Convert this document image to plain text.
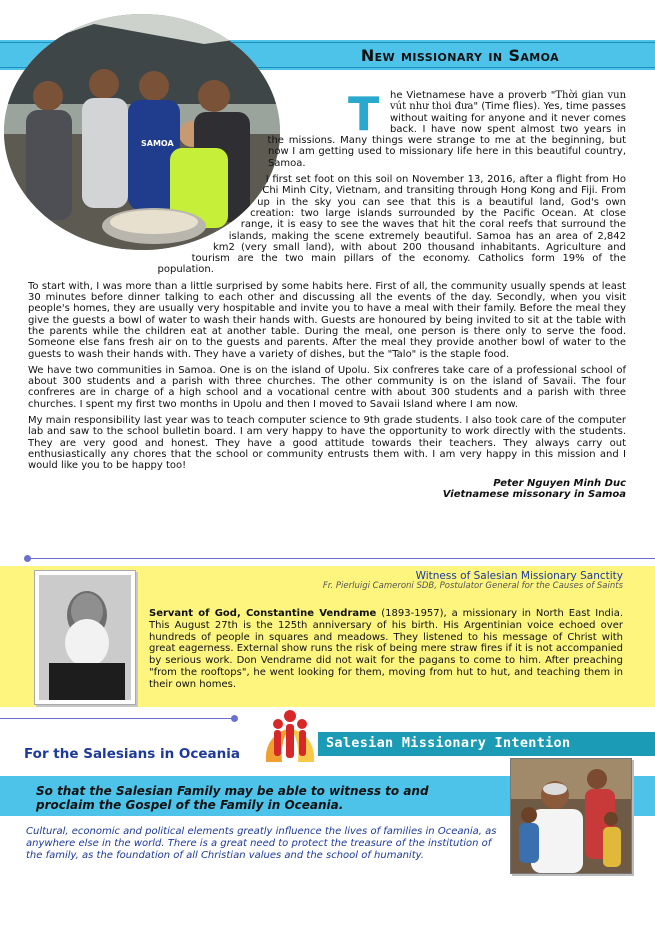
New missionary in Samoa
SAMOA

T he Vietnamese have a proverb "Thời gian vun vút như thoi đưa" (Time flies). Yes, time passes without waiting for anyone and it never comes back. I have now spent almost two years in the missions. Many things were strange to me at the beginning, but now I am getting used to missionary life here in this beautiful country, Samoa.

I first set foot on this soil on November 13, 2016, after a flight from Ho Chi Minh City, Vietnam, and transiting through Hong Kong and Fiji. From up in the sky you can see that this is a beautiful land, God's own creation: two large islands surrounded by the Pacific Ocean. At close range, it is easy to see the waves that hit the coral reefs that surround the islands, making the scene extremely beautiful. Samoa has an area of 2,842 km2 (very small land), with about 200 thousand inhabitants. Agriculture and tourism are the two main pillars of the economy. Catholics form 19% of the population.

To start with, I was more than a little surprised by some habits here. First of all, the community usually spends at least 30 minutes before dinner talking to each other and discussing all the events of the day. Secondly, when you visit people's homes, they are usually very hospitable and invite you to have a meal with their family. Before the meal they give the guests a bowl of water to wash their hands with. Guests are honoured by being invited to sit at the table with the parents while the children eat at another table. During the meal, one person is there only to serve the food. Someone else fans fresh air on to the guests and parents. After the meal they provide another bowl of water to the guests to wash their hands with. They have a variety of dishes, but the "Talo" is the staple food.

We have two communities in Samoa. One is on the island of Upolu. Six confreres take care of a professional school of about 300 students and a parish with three churches. The other community is on the island of Savaii. The four confreres are in charge of a high school and a vocational centre with about 300 students and a parish with three churches. I spent my first two months in Upolu and then I moved to Savaii Island where I am now.

My main responsibility last year was to teach computer science to 9th grade students. I also took care of the computer lab and saw to the school bulletin board. I am very happy to have the opportunity to work directly with the students. They are very good and honest. They have a good attitude towards their teachers. They always carry out enthusiastically any chores that the school or community entrusts them with. I am very happy in this mission and I would like you to be happy too!

Peter Nguyen Minh Duc
Vietnamese missonary in Samoa
Witness of Salesian Missionary Sanctity
Fr. Pierluigi Cameroni SDB, Postulator General for the Causes of Saints
Servant of God, Constantine Vendrame (1893-1957), a missionary in North East India. This August 27th is the 125th anniversary of his birth. His Argentinian voice echoed over hundreds of people in squares and meadows. They listened to his message of Christ with great eagerness. External show runs the risk of being mere straw fires if it is not accompanied by serious work. Don Vendrame did not wait for the pagans to come to him. After preaching "from the rooftops", he went looking for them, moving from hut to hut, and teaching them in their own homes.
Salesian Missionary Intention
For the Salesians in Oceania
So that the Salesian Family may be able to witness to and proclaim the Gospel of the Family in Oceania.
Cultural, economic and political elements greatly influence the lives of families in Oceania, as anywhere else in the world. There is a great need to protect the treasure of the institution of the family, as the foundation of all Christian values and the school of humanity.
